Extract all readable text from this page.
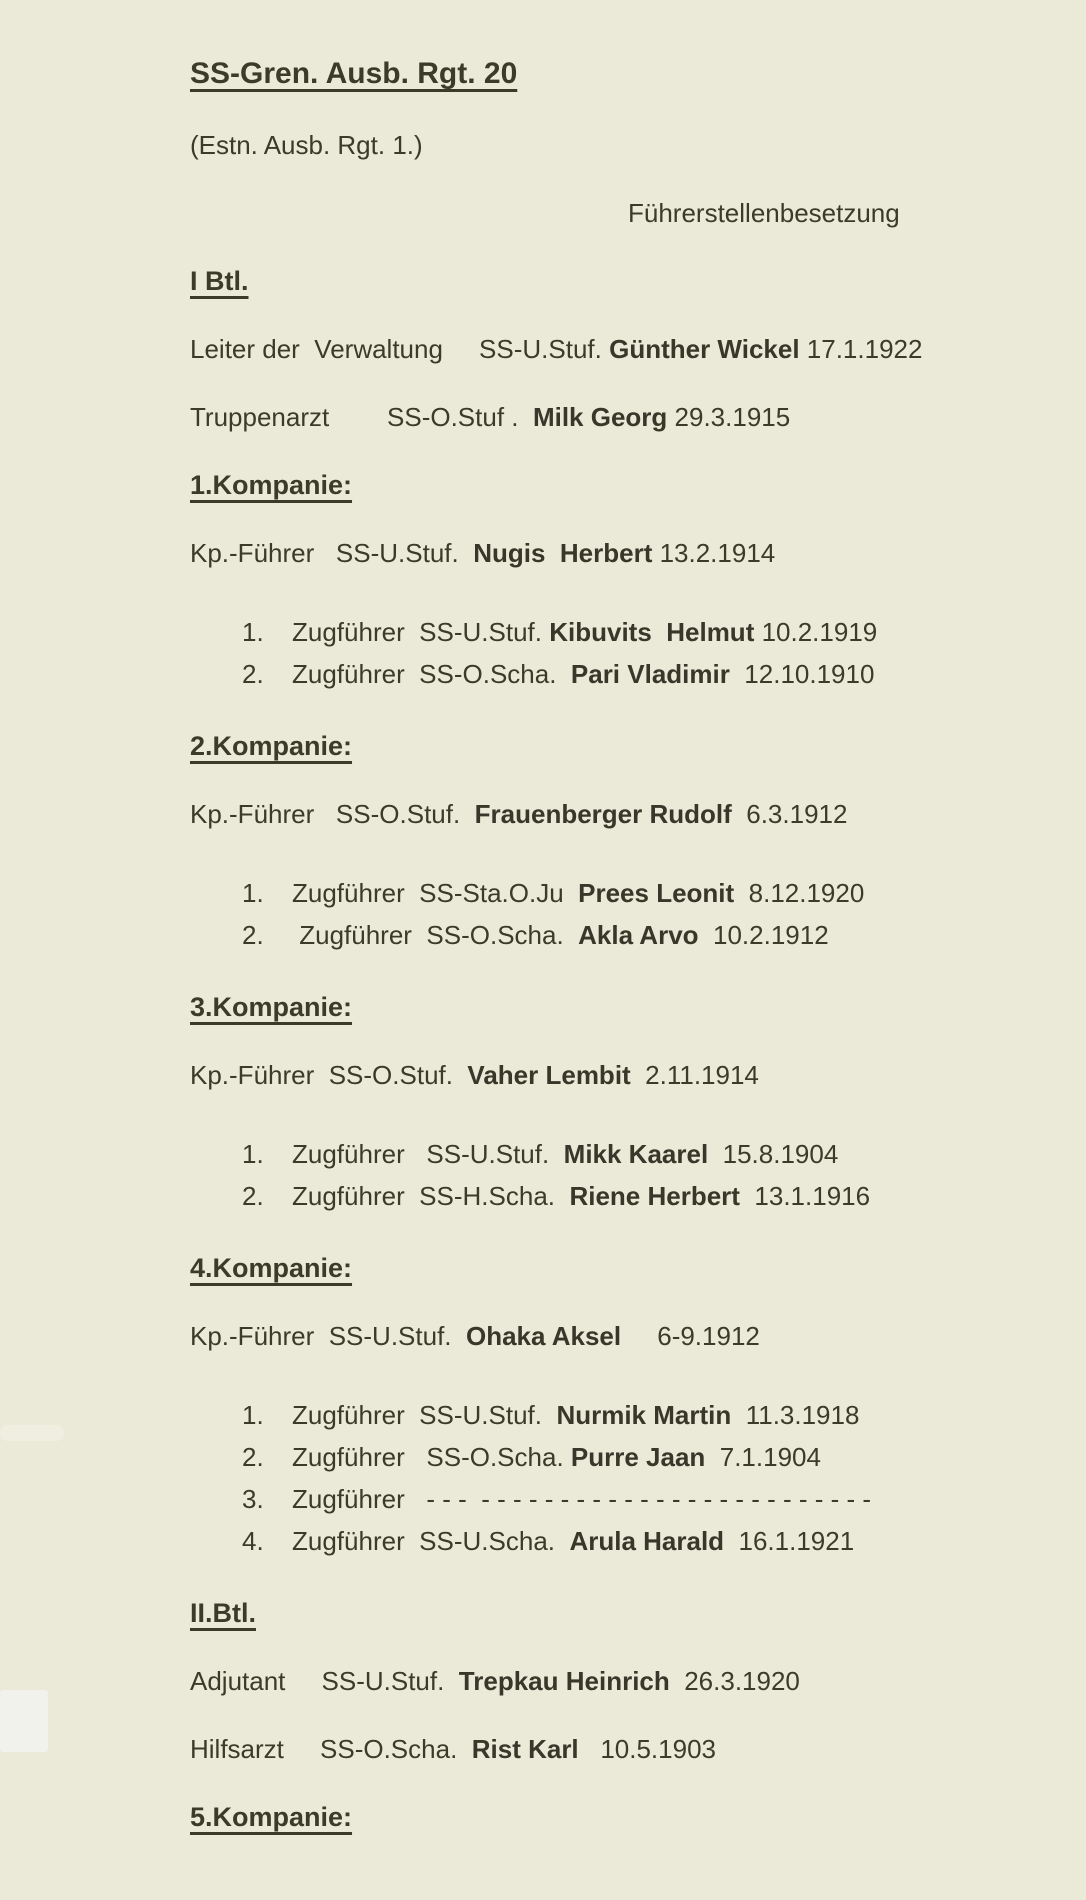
SS-Gren. Ausb. Rgt. 20

(Estn. Ausb. Rgt. 1.)

Führerstellenbesetzung

I Btl.

Leiter der  Verwaltung     SS-U.Stuf. Günther Wickel 17.1.1922

Truppenarzt        SS-O.Stuf .  Milk Georg 29.3.1915

1.Kompanie:

Kp.-Führer   SS-U.Stuf.  Nugis  Herbert 13.2.1914

1.	Zugführer  SS-U.Stuf. Kibuvits  Helmut 10.2.1919
2.	Zugführer  SS-O.Scha.  Pari Vladimir  12.10.1910

2.Kompanie:

Kp.-Führer   SS-O.Stuf.  Frauenberger Rudolf  6.3.1912

1.	Zugführer  SS-Sta.O.Ju  Prees Leonit  8.12.1920
2.	Zugführer  SS-O.Scha.  Akla Arvo  10.2.1912

3.Kompanie:

Kp.-Führer  SS-O.Stuf.  Vaher Lembit  2.11.1914

1.	Zugführer   SS-U.Stuf.  Mikk Kaarel  15.8.1904
2.	Zugführer  SS-H.Scha.  Riene Herbert  13.1.1916

4.Kompanie:

Kp.-Führer  SS-U.Stuf.  Ohaka Aksel     6-9.1912

1.	Zugführer  SS-U.Stuf.  Nurmik Martin  11.3.1918
2.	Zugführer   SS-O.Scha. Purre Jaan  7.1.1904
3.	Zugführer   - - -  - - - - - - - - - - - - - - - - - - - - - - - - -
4.	Zugführer  SS-U.Scha.  Arula Harald  16.1.1921

II.Btl.

Adjutant     SS-U.Stuf.  Trepkau Heinrich  26.3.1920

Hilfsarzt     SS-O.Scha.  Rist Karl   10.5.1903

5.Kompanie:
